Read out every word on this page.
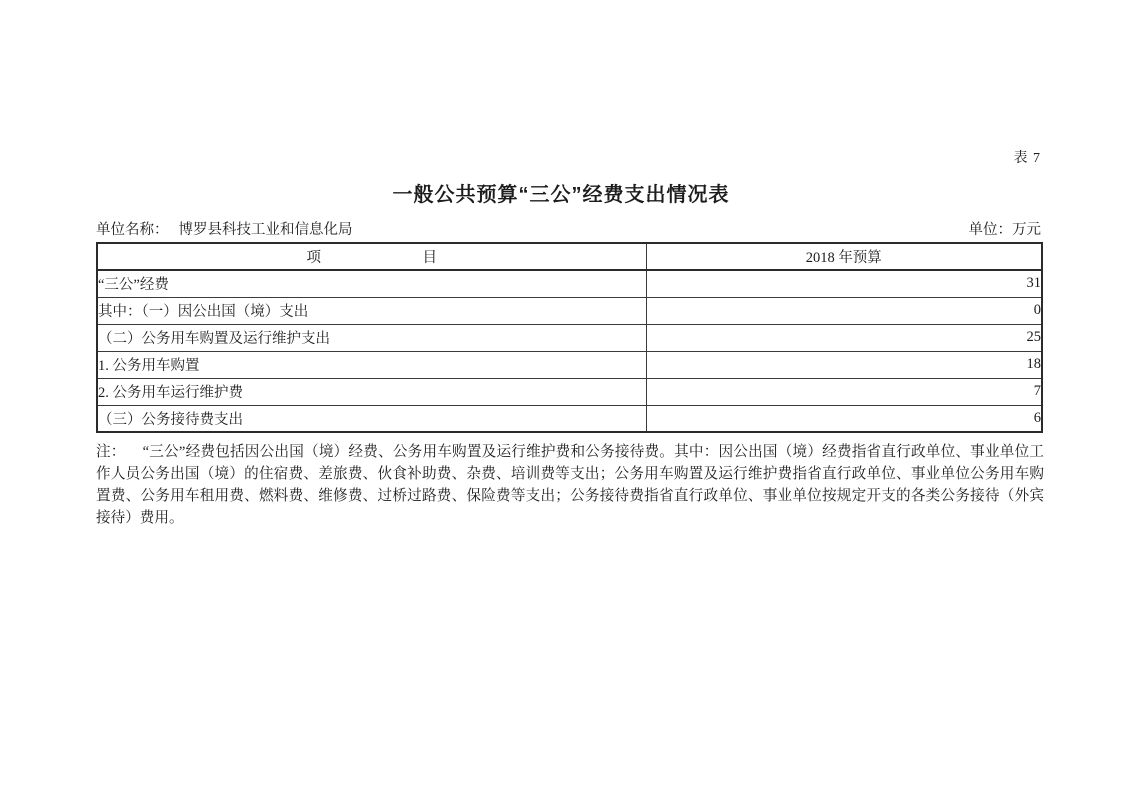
表 7
一般公共预算“三公”经费支出情况表
单位名称： 博罗县科技工业和信息化局	单位：万元
项　　　　　　　目	2018 年预算
“三公”经费	31
其中：（一）因公出国（境）支出	0
（二）公务用车购置及运行维护支出	25
1. 公务用车购置	18
2. 公务用车运行维护费	7
（三）公务接待费支出	6

注： “三公”经费包括因公出国（境）经费、公务用车购置及运行维护费和公务接待费。其中：因公出国（境）经费指省直行政单位、事业单位工作人员公务出国（境）的住宿费、差旅费、伙食补助费、杂费、培训费等支出；公务用车购置及运行维护费指省直行政单位、事业单位公务用车购置费、公务用车租用费、燃料费、维修费、过桥过路费、保险费等支出；公务接待费指省直行政单位、事业单位按规定开支的各类公务接待（外宾接待）费用。
